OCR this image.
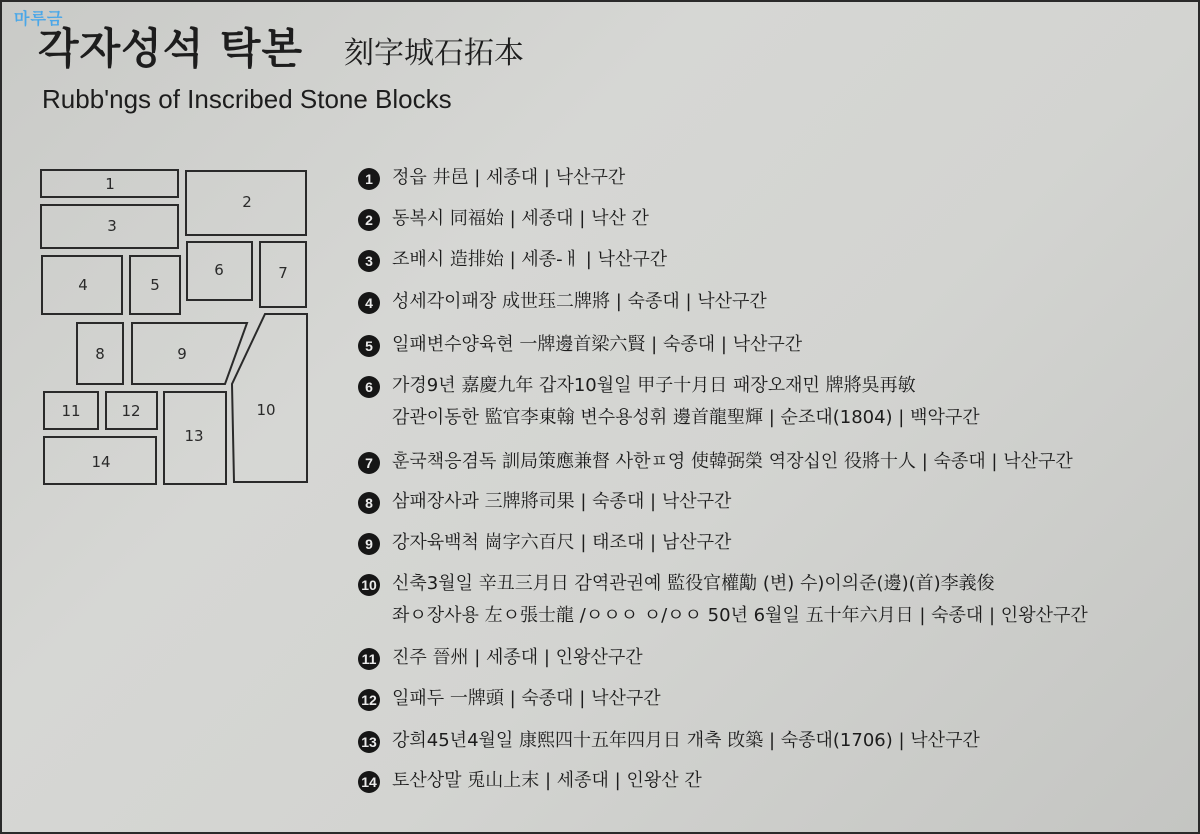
마루금
각자성석 탁본 刻字城石拓本
Rubb'ngs of Inscribed Stone Blocks
1
2
3
4	5
6	7
8	9
10
11	12
13
14
1	정읍 井邑 | 세종대 | 낙산구간
2	동복시 同福始 | 세종대 | 낙산 간
3	조배시 造排始 | 세종-ㅐ | 낙산구간
4	성세각이패장 成世珏二牌將 | 숙종대 | 낙산구간
5	일패변수양육현 一牌邊首梁六賢 | 숙종대 | 낙산구간
6	가경9년 嘉慶九年 갑자10월일 甲子十月日 패장오재민 牌將吳再敏
감관이동한 監官李東翰 변수용성휘 邊首龍聖輝 | 순조대(1804) | 백악구간
7	훈국책응겸독 訓局策應兼督 사한ㅍ영 使韓弼榮 역장십인 役將十人 | 숙종대 | 낙산구간
8	삼패장사과 三牌將司果 | 숙종대 | 낙산구간
9	강자육백척 崗字六百尺 | 태조대 | 남산구간
10 신축3월일 辛丑三月日 감역관권예 監役官權勱 (변) 수)이의준(邊)(首)李義俊
좌ㅇ장사용 左ㅇ張士龍 /ㅇㅇㅇ ㅇ/ㅇㅇ 50년 6월일 五十年六月日 | 숙종대 | 인왕산구간
11 진주 晉州 | 세종대 | 인왕산구간
12 일패두 一牌頭 | 숙종대 | 낙산구간
13 강희45년4월일 康熙四十五年四月日 개축 攺築 | 숙종대(1706) | 낙산구간
14 토산상말 兎山上末 | 세종대 | 인왕산 간
